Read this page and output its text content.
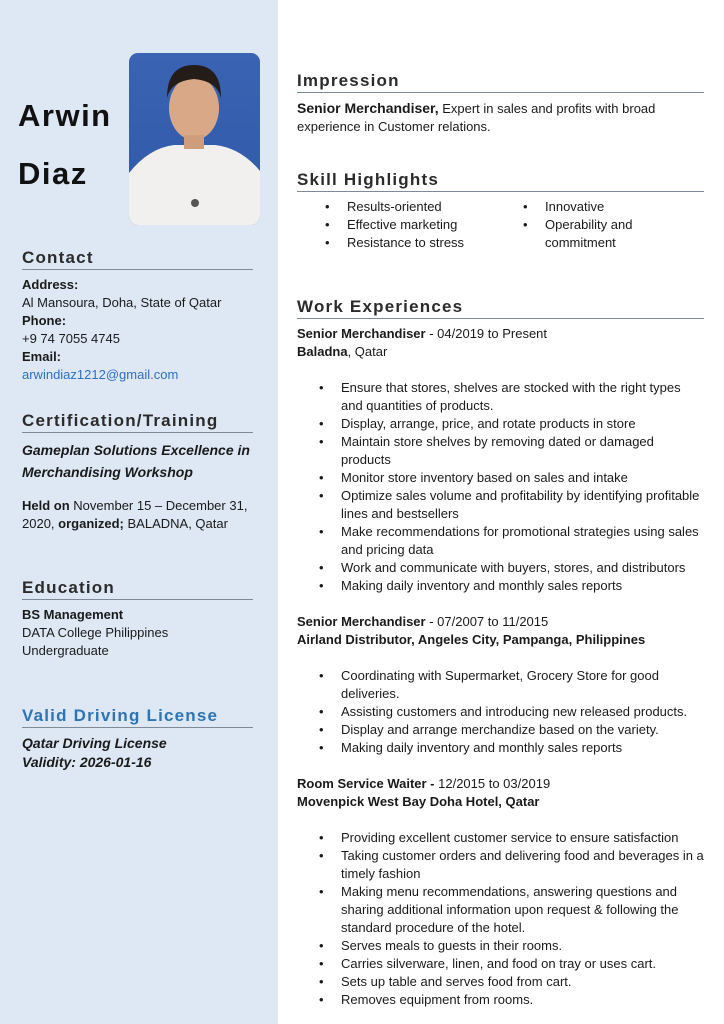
Arwin
Diaz
Contact
Address:
Al Mansoura, Doha, State of Qatar
Phone:
+9 74 7055 4745
Email:
arwindiaz1212@gmail.com
Certification/Training
Gameplan Solutions Excellence in Merchandising Workshop
Held on November 15 – December 31, 2020, organized; BALADNA, Qatar
Education
BS Management
DATA College Philippines
Undergraduate
Valid Driving License
Qatar Driving License
Validity: 2026-01-16
Impression
Senior Merchandiser, Expert in sales and profits with broad experience in Customer relations.
Skill Highlights
• Results-oriented
• Effective marketing
• Resistance to stress
• Innovative
• Operability and commitment
Work Experiences

Senior Merchandiser - 04/2019 to Present

Baladna, Qatar

• Ensure that stores, shelves are stocked with the right types and quantities of products.
• Display, arrange, price, and rotate products in store
• Maintain store shelves by removing dated or damaged products
• Monitor store inventory based on sales and intake
• Optimize sales volume and profitability by identifying profitable lines and bestsellers
• Make recommendations for promotional strategies using sales and pricing data
• Work and communicate with buyers, stores, and distributors
• Making daily inventory and monthly sales reports

Senior Merchandiser - 07/2007 to 11/2015

Airland Distributor, Angeles City, Pampanga, Philippines

• Coordinating with Supermarket, Grocery Store for good deliveries.
• Assisting customers and introducing new released products.
• Display and arrange merchandize based on the variety.
• Making daily inventory and monthly sales reports

Room Service Waiter - 12/2015 to 03/2019

Movenpick West Bay Doha Hotel, Qatar

• Providing excellent customer service to ensure satisfaction
• Taking customer orders and delivering food and beverages in a timely fashion
• Making menu recommendations, answering questions and sharing additional information upon request & following the standard procedure of the hotel.
• Serves meals to guests in their rooms.
• Carries silverware, linen, and food on tray or uses cart.
• Sets up table and serves food from cart.
• Removes equipment from rooms.
